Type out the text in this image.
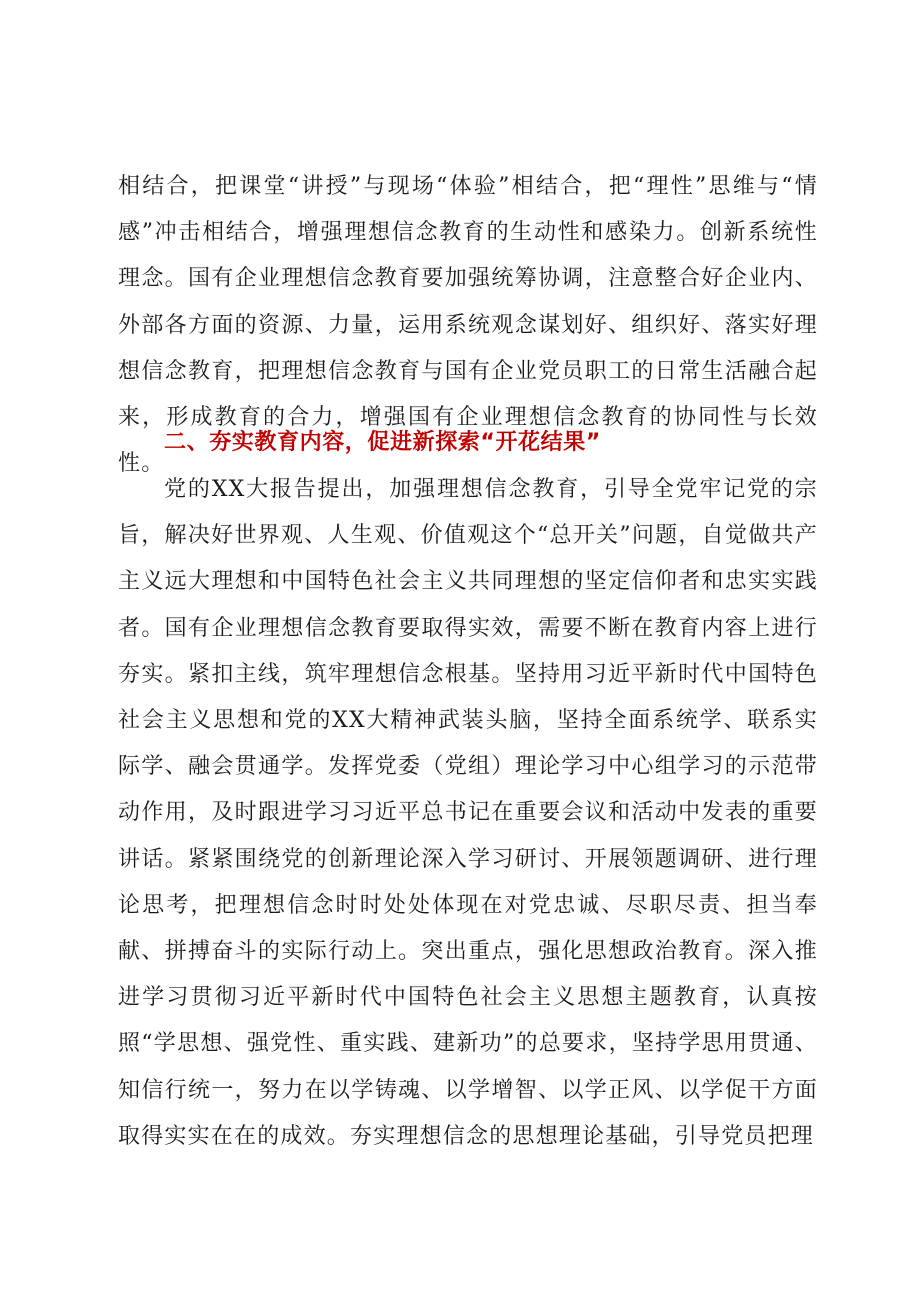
相结合，把课堂“讲授”与现场“体验”相结合，把“理性”思维与“情感”冲击相结合，增强理想信念教育的生动性和感染力。创新系统性理念。国有企业理想信念教育要加强统筹协调，注意整合好企业内、外部各方面的资源、力量，运用系统观念谋划好、组织好、落实好理想信念教育，把理想信念教育与国有企业党员职工的日常生活融合起来，形成教育的合力，增强国有企业理想信念教育的协同性与长效性。

二、夯实教育内容，促进新探索“开花结果”

党的XX大报告提出，加强理想信念教育，引导全党牢记党的宗旨，解决好世界观、人生观、价值观这个“总开关”问题，自觉做共产主义远大理想和中国特色社会主义共同理想的坚定信仰者和忠实实践者。国有企业理想信念教育要取得实效，需要不断在教育内容上进行夯实。紧扣主线，筑牢理想信念根基。坚持用习近平新时代中国特色社会主义思想和党的XX大精神武装头脑，坚持全面系统学、联系实际学、融会贯通学。发挥党委（党组）理论学习中心组学习的示范带动作用，及时跟进学习习近平总书记在重要会议和活动中发表的重要讲话。紧紧围绕党的创新理论深入学习研讨、开展领题调研、进行理论思考，把理想信念时时处处体现在对党忠诚、尽职尽责、担当奉献、拼搏奋斗的实际行动上。突出重点，强化思想政治教育。深入推进学习贯彻习近平新时代中国特色社会主义思想主题教育，认真按照“学思想、强党性、重实践、建新功”的总要求，坚持学思用贯通、知信行统一，努力在以学铸魂、以学增智、以学正风、以学促干方面取得实实在在的成效。夯实理想信念的思想理论基础，引导党员把理
